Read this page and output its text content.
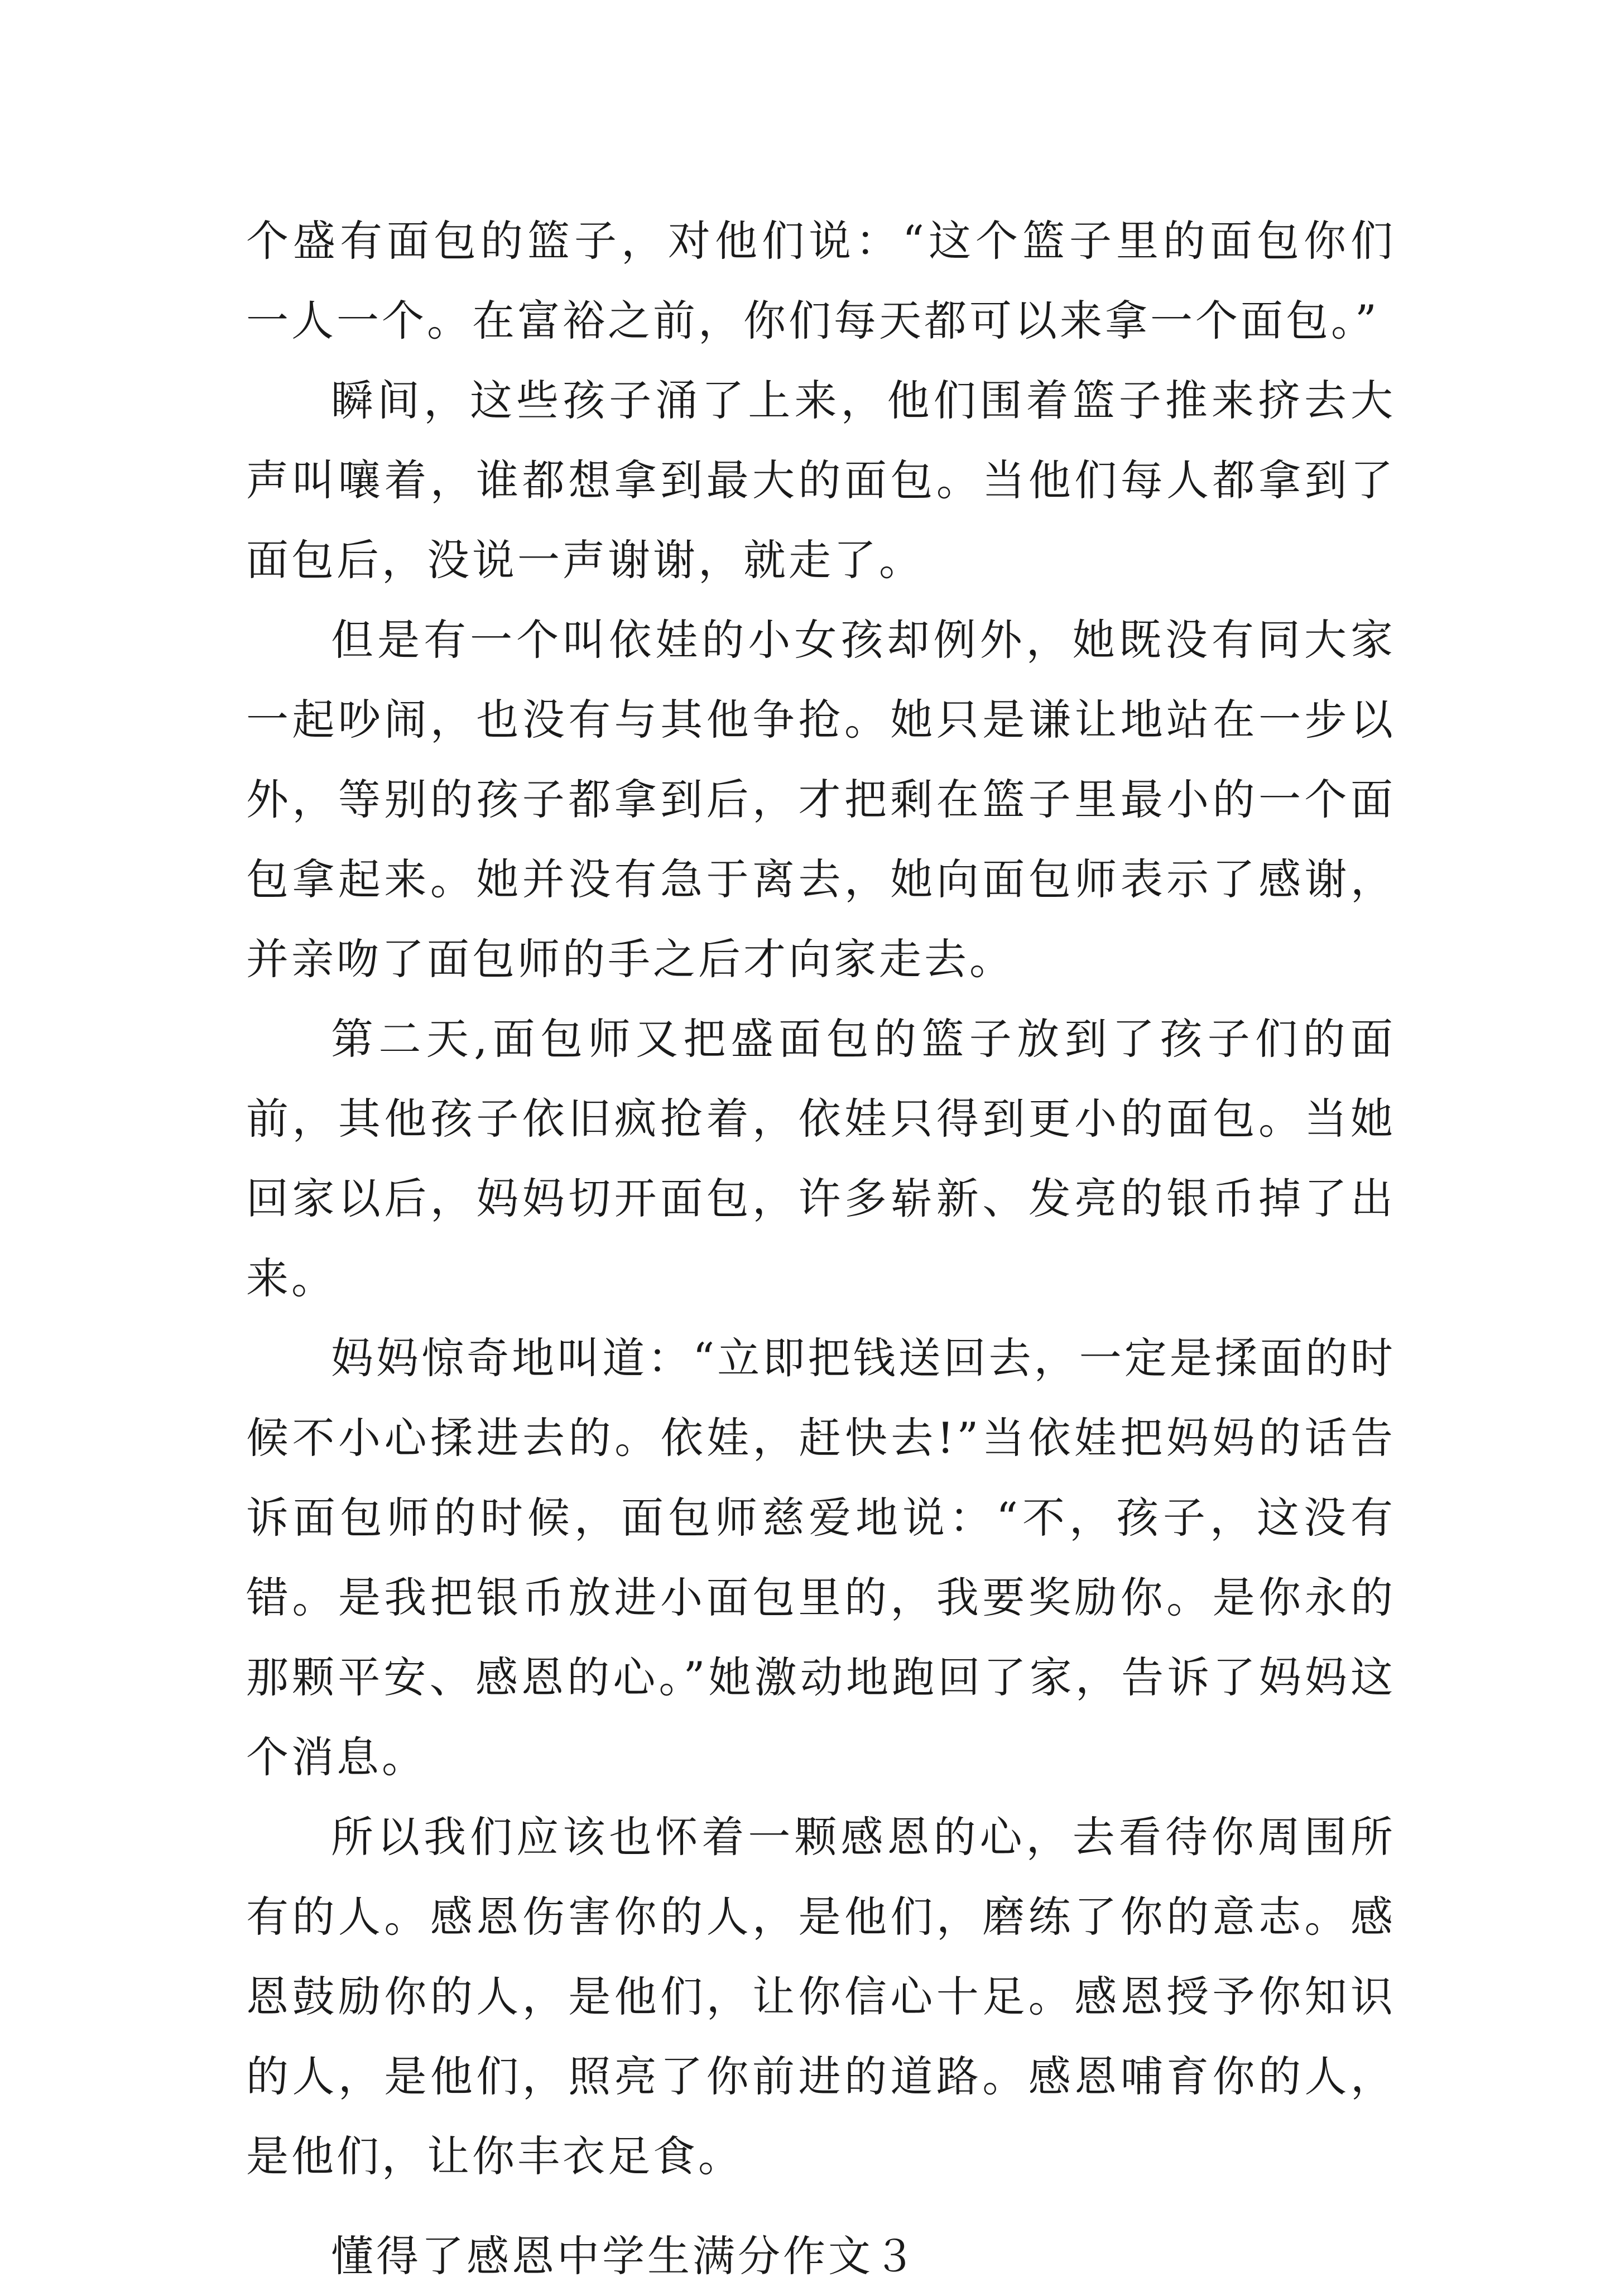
个盛有面包的篮子，对他们说：“这个篮子里的面包你们一人一个。在富裕之前，你们每天都可以来拿一个面包。”

瞬间，这些孩子涌了上来，他们围着篮子推来挤去大声叫嚷着，谁都想拿到最大的面包。当他们每人都拿到了面包后，没说一声谢谢，就走了。

但是有一个叫依娃的小女孩却例外，她既没有同大家一起吵闹，也没有与其他争抢。她只是谦让地站在一步以外，等别的孩子都拿到后，才把剩在篮子里最小的一个面包拿起来。她并没有急于离去，她向面包师表示了感谢，并亲吻了面包师的手之后才向家走去。

第二天,面包师又把盛面包的篮子放到了孩子们的面前，其他孩子依旧疯抢着，依娃只得到更小的面包。当她回家以后，妈妈切开面包，许多崭新、发亮的银币掉了出来。

妈妈惊奇地叫道：“立即把钱送回去，一定是揉面的时候不小心揉进去的。依娃，赶快去!”当依娃把妈妈的话告诉面包师的时候，面包师慈爱地说：“不，孩子，这没有错。是我把银币放进小面包里的，我要奖励你。是你永的那颗平安、感恩的心。”她激动地跑回了家，告诉了妈妈这个消息。

所以我们应该也怀着一颗感恩的心，去看待你周围所有的人。感恩伤害你的人，是他们，磨练了你的意志。感恩鼓励你的人，是他们，让你信心十足。感恩授予你知识的人，是他们，照亮了你前进的道路。感恩哺育你的人，是他们，让你丰衣足食。

懂得了感恩中学生满分作文３
